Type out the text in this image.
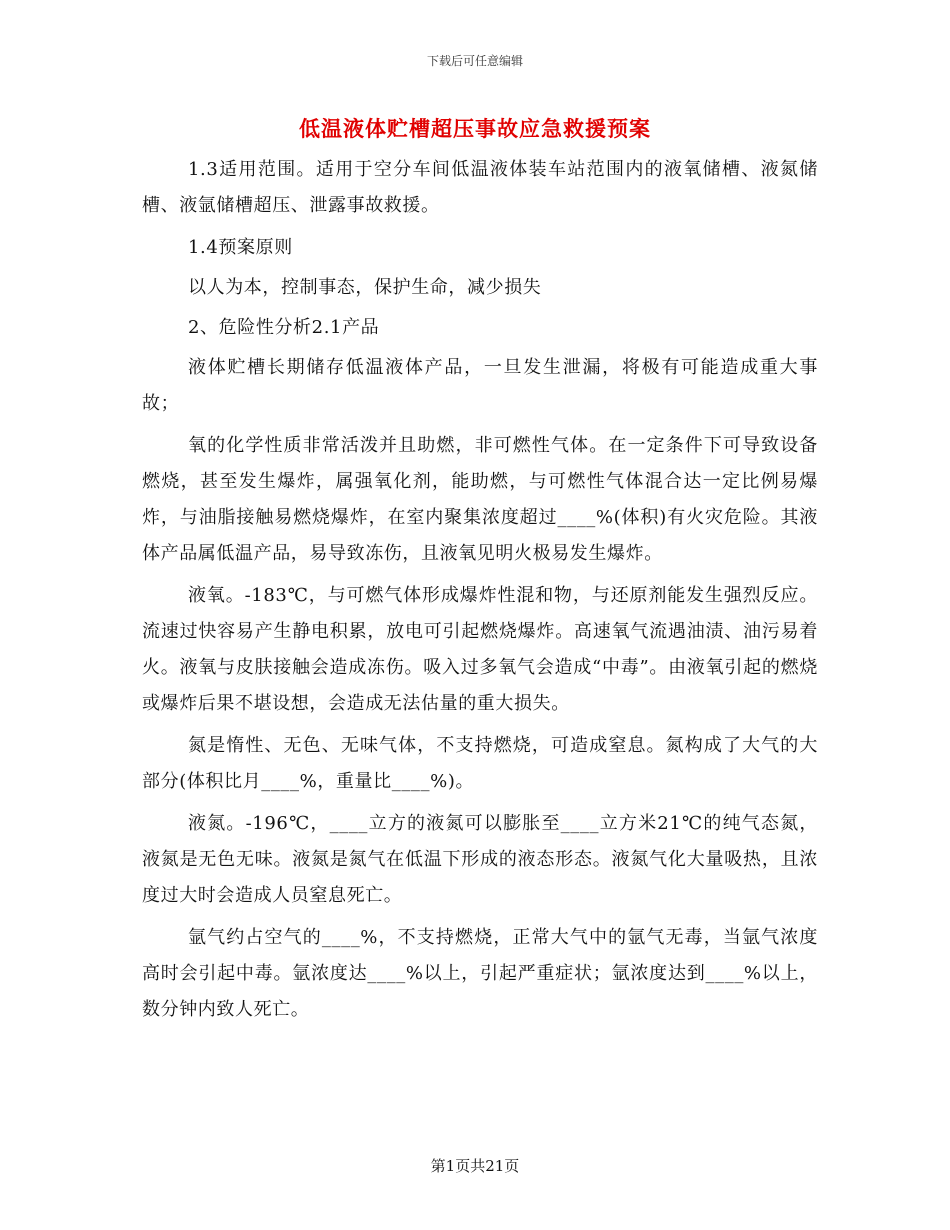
下载后可任意编辑
低温液体贮槽超压事故应急救援预案

1.3适用范围。适用于空分车间低温液体装车站范围内的液氧储槽、液氮储槽、液氩储槽超压、泄露事故救援。

1.4预案原则

以人为本，控制事态，保护生命，减少损失

2、危险性分析2.1产品

液体贮槽长期储存低温液体产品，一旦发生泄漏，将极有可能造成重大事故；

氧的化学性质非常活泼并且助燃，非可燃性气体。在一定条件下可导致设备燃烧，甚至发生爆炸，属强氧化剂，能助燃，与可燃性气体混合达一定比例易爆炸，与油脂接触易燃烧爆炸，在室内聚集浓度超过____%(体积)有火灾危险。其液体产品属低温产品，易导致冻伤，且液氧见明火极易发生爆炸。

液氧。-183℃，与可燃气体形成爆炸性混和物，与还原剂能发生强烈反应。流速过快容易产生静电积累，放电可引起燃烧爆炸。高速氧气流遇油渍、油污易着火。液氧与皮肤接触会造成冻伤。吸入过多氧气会造成“中毒”。由液氧引起的燃烧或爆炸后果不堪设想，会造成无法估量的重大损失。

氮是惰性、无色、无味气体，不支持燃烧，可造成窒息。氮构成了大气的大部分(体积比月____%，重量比____%)。

液氮。-196℃，____立方的液氮可以膨胀至____立方米21℃的纯气态氮，液氮是无色无味。液氮是氮气在低温下形成的液态形态。液氮气化大量吸热，且浓度过大时会造成人员窒息死亡。

氩气约占空气的____%，不支持燃烧，正常大气中的氩气无毒，当氩气浓度高时会引起中毒。氩浓度达____%以上，引起严重症状；氩浓度达到____%以上，数分钟内致人死亡。

第1页共21页
